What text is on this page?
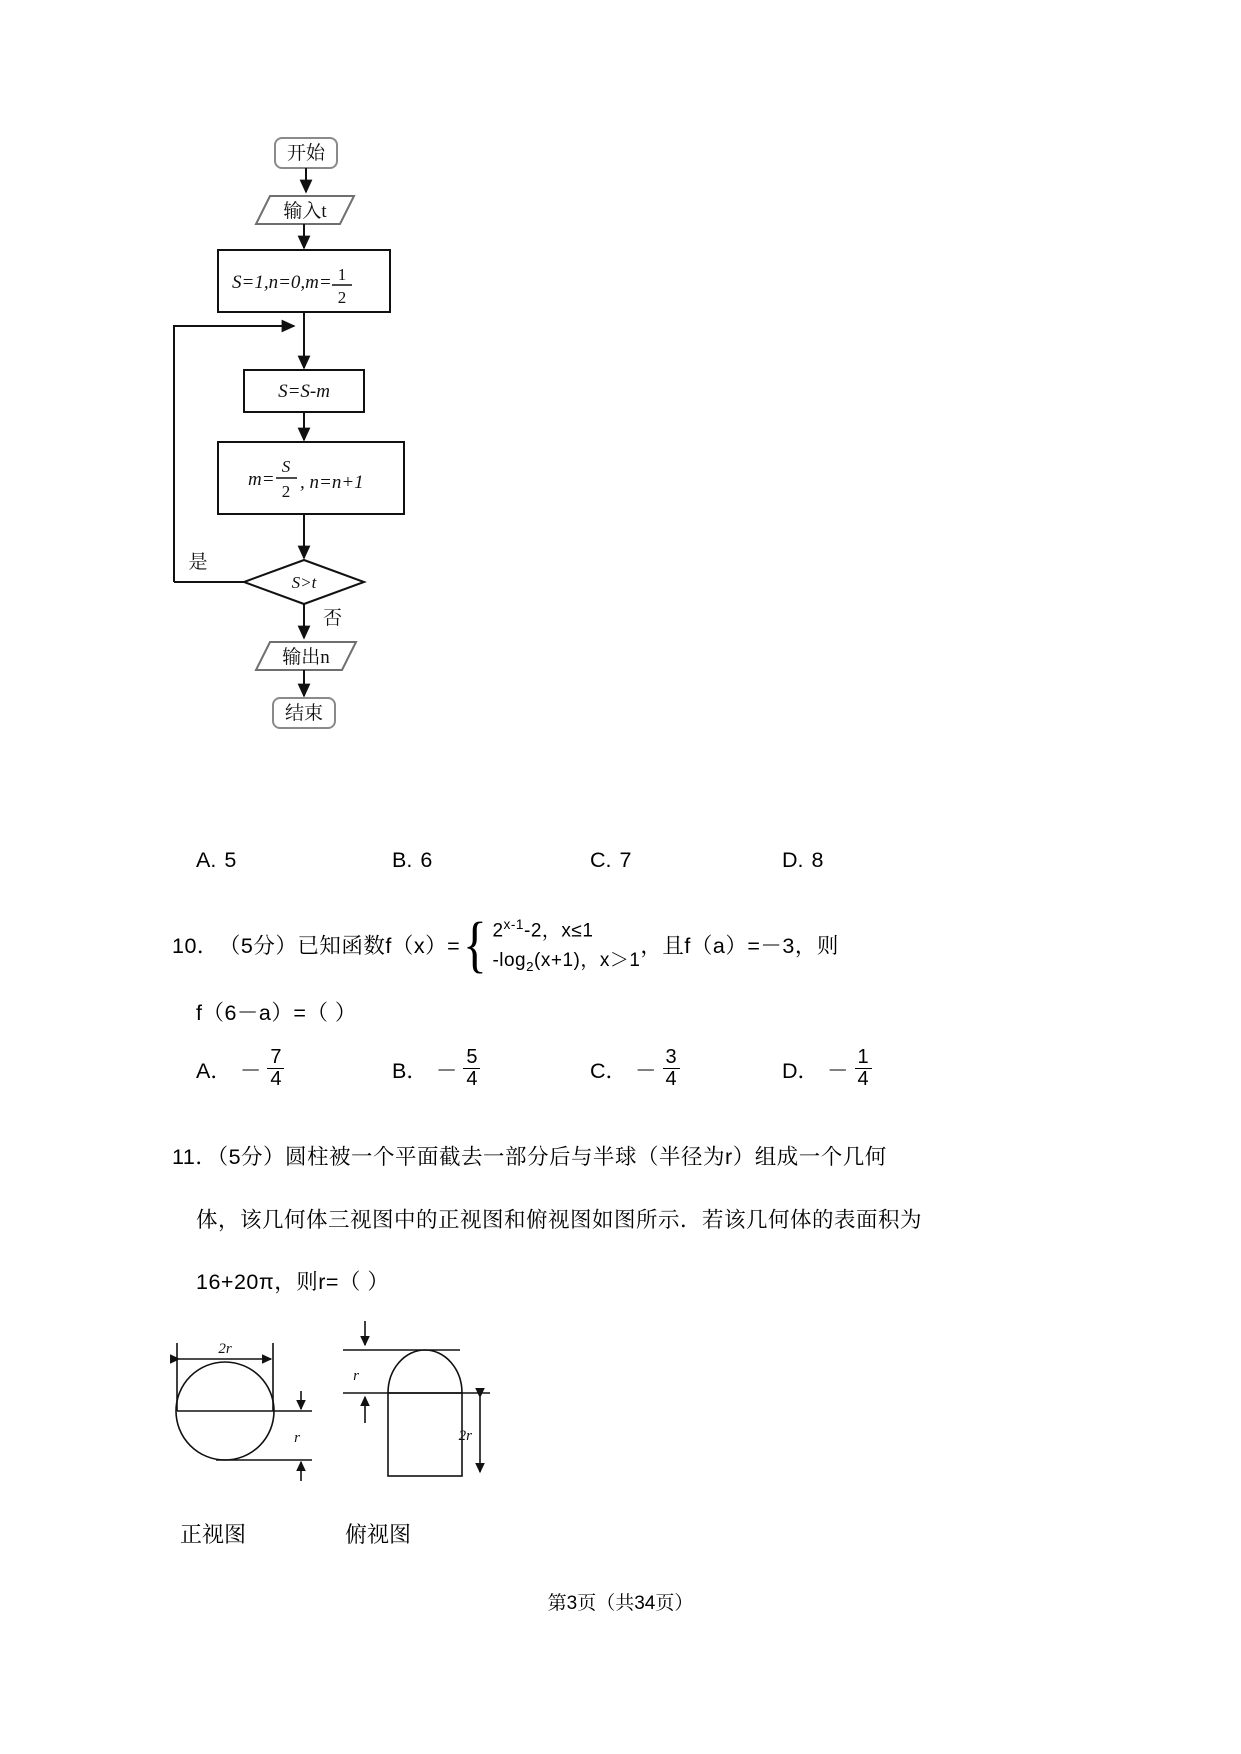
开始
输入t
S=1,n=0,m= 1
2
S=S-m
m=
S
2 , n=n+1
S>t
是
否
输出n
结束
A. 5	B. 6	C. 7	D. 8
10． （5分） 已知函数f（x）= { 2$^{x-1}$-2，x≤1
$-\log_2(x+1)$，x＞1
，且f（a）=－3，则
f（6－a）=（ ）
A． － $\frac{7}{4}$	B． － $\frac{5}{4}$	C． － $\frac{3}{4}$	D． － $\frac{1}{4}$
11．（5分）圆柱被一个平面截去一部分后与半球（半径为r）组成一个几何
体，该几何体三视图中的正视图和俯视图如图所示．若该几何体的表面积为
16+20π，则r=（ ）
2r
r
r
2r
正视图	俯视图
第3页（共34页）
